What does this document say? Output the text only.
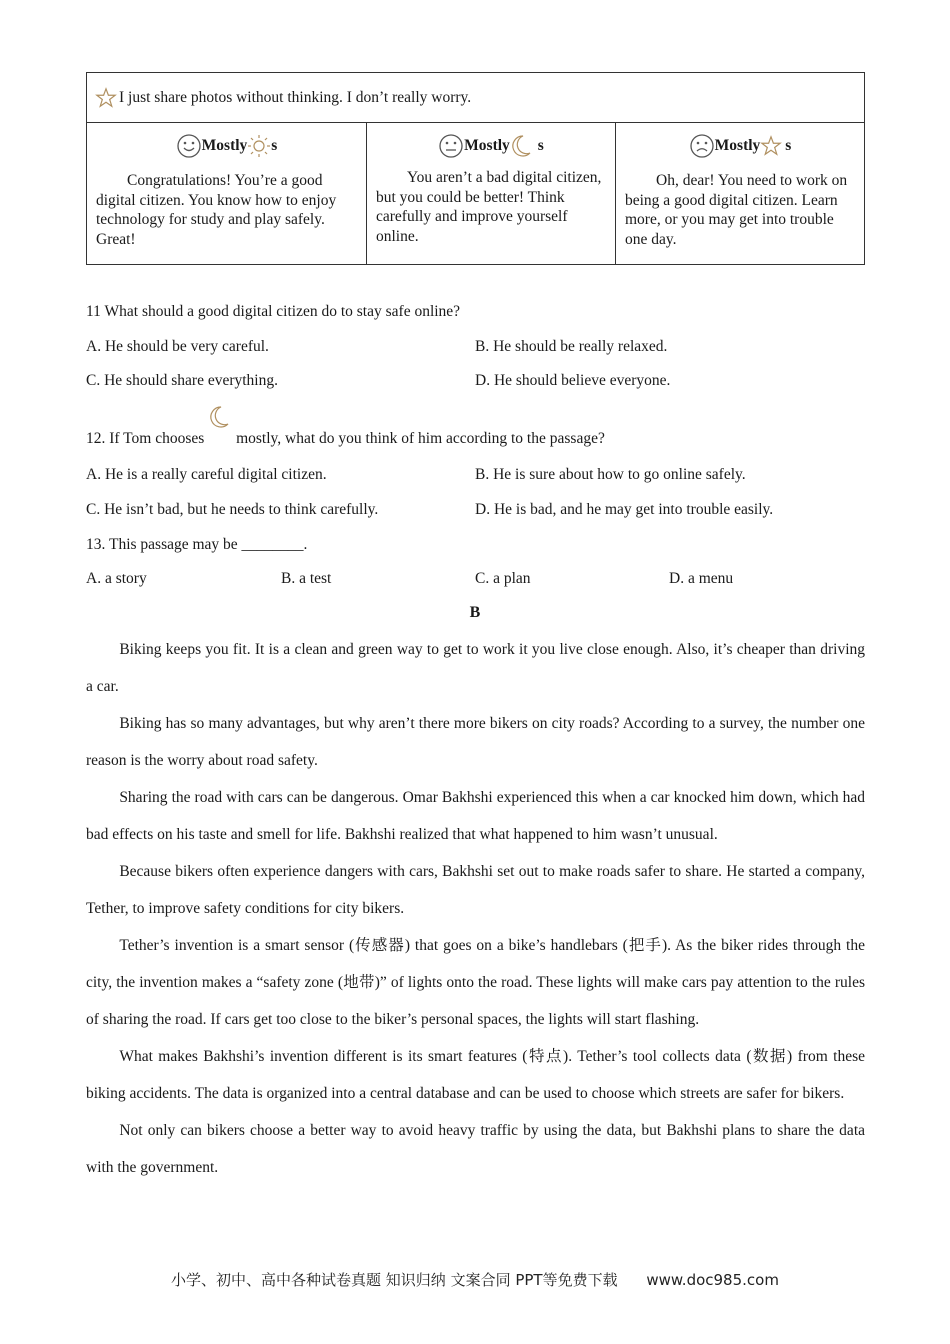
I just share photos without thinking. I don’t really worry.

Mostly s
Congratulations! You’re a good digital citizen. You know how to enjoy technology for study and play safely. Great!

Mostly s
You aren’t a bad digital citizen, but you could be better! Think carefully and improve yourself online.

Mostly s
Oh, dear! You need to work on being a good digital citizen. Learn more, or you may get into trouble one day.
11 What should a good digital citizen do to stay safe online?
A. He should be very careful.	B. He should be really relaxed.
C. He should share everything.	D. He should believe everyone.
12. If Tom chooses mostly, what do you think of him according to the passage?
A. He is a really careful digital citizen.	B. He is sure about how to go online safely.
C. He isn’t bad, but he needs to think carefully.	D. He is bad, and he may get into trouble easily.
13. This passage may be ________.
A. a story	B. a test	C. a plan	D. a menu
B

Biking keeps you fit. It is a clean and green way to get to work it you live close enough. Also, it’s cheaper than driving a car.

Biking has so many advantages, but why aren’t there more bikers on city roads? According to a survey, the number one reason is the worry about road safety.

Sharing the road with cars can be dangerous. Omar Bakhshi experienced this when a car knocked him down, which had bad effects on his taste and smell for life. Bakhshi realized that what happened to him wasn’t unusual.

Because bikers often experience dangers with cars, Bakhshi set out to make roads safer to share. He started a company, Tether, to improve safety conditions for city bikers.

Tether’s invention is a smart sensor (传感器) that goes on a bike’s handlebars (把手). As the biker rides through the city, the invention makes a “safety zone (地带)” of lights onto the road. These lights will make cars pay attention to the rules of sharing the road. If cars get too close to the biker’s personal spaces, the lights will start flashing.

What makes Bakhshi’s invention different is its smart features (特点). Tether’s tool collects data (数据) from these biking accidents. The data is organized into a central database and can be used to choose which streets are safer for bikers.

Not only can bikers choose a better way to avoid heavy traffic by using the data, but Bakhshi plans to share the data with the government.

小学、初中、高中各种试卷真题 知识归纳 文案合同 PPT等免费下载 www.doc985.com
